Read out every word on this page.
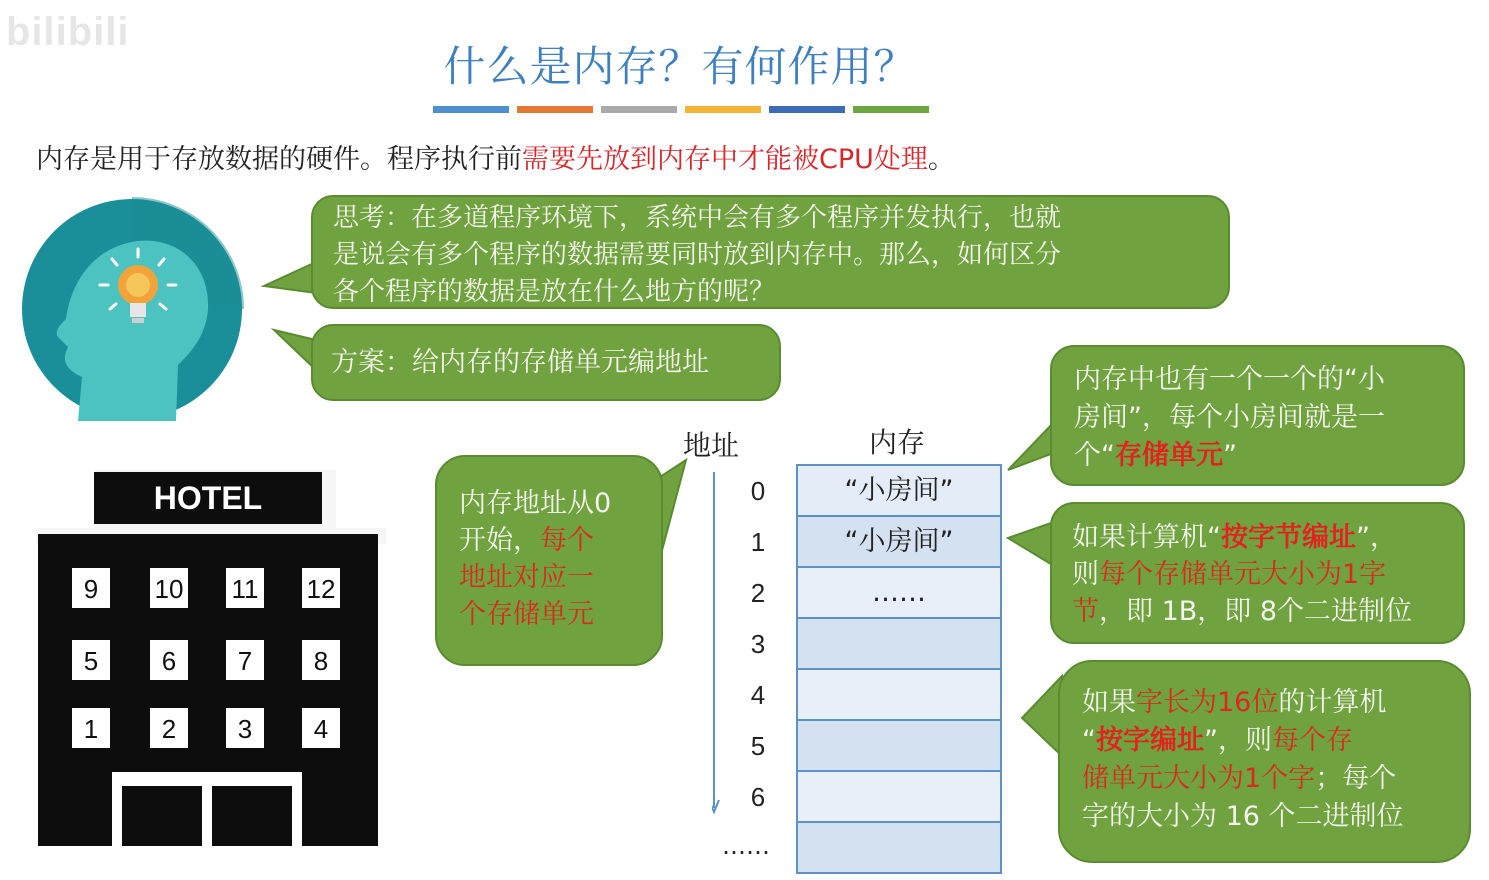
bilibili
什么是内存？有何作用？
内存是用于存放数据的硬件。程序执行前需要先放到内存中才能被CPU处理。
思考：在多道程序环境下，系统中会有多个程序并发执行，也就
是说会有多个程序的数据需要同时放到内存中。那么，如何区分
各个程序的数据是放在什么地方的呢？
方案：给内存的存储单元编地址
内存地址从0
开始，每个
地址对应一
个存储单元
内存中也有一个一个的“小
房间”，每个小房间就是一
个“存储单元”
如果计算机“按字节编址”，
则每个存储单元大小为1字
节，即 1B，即 8个二进制位
如果字长为16位的计算机
“按字编址”，则每个存
储单元大小为1个字；每个
字的大小为 16 个二进制位
HOTEL
9 10 11 12
5 6 7 8
1 2 3 4
地址	内存
0
1
2
3
4
5
6
……
“小房间”
“小房间”
……
